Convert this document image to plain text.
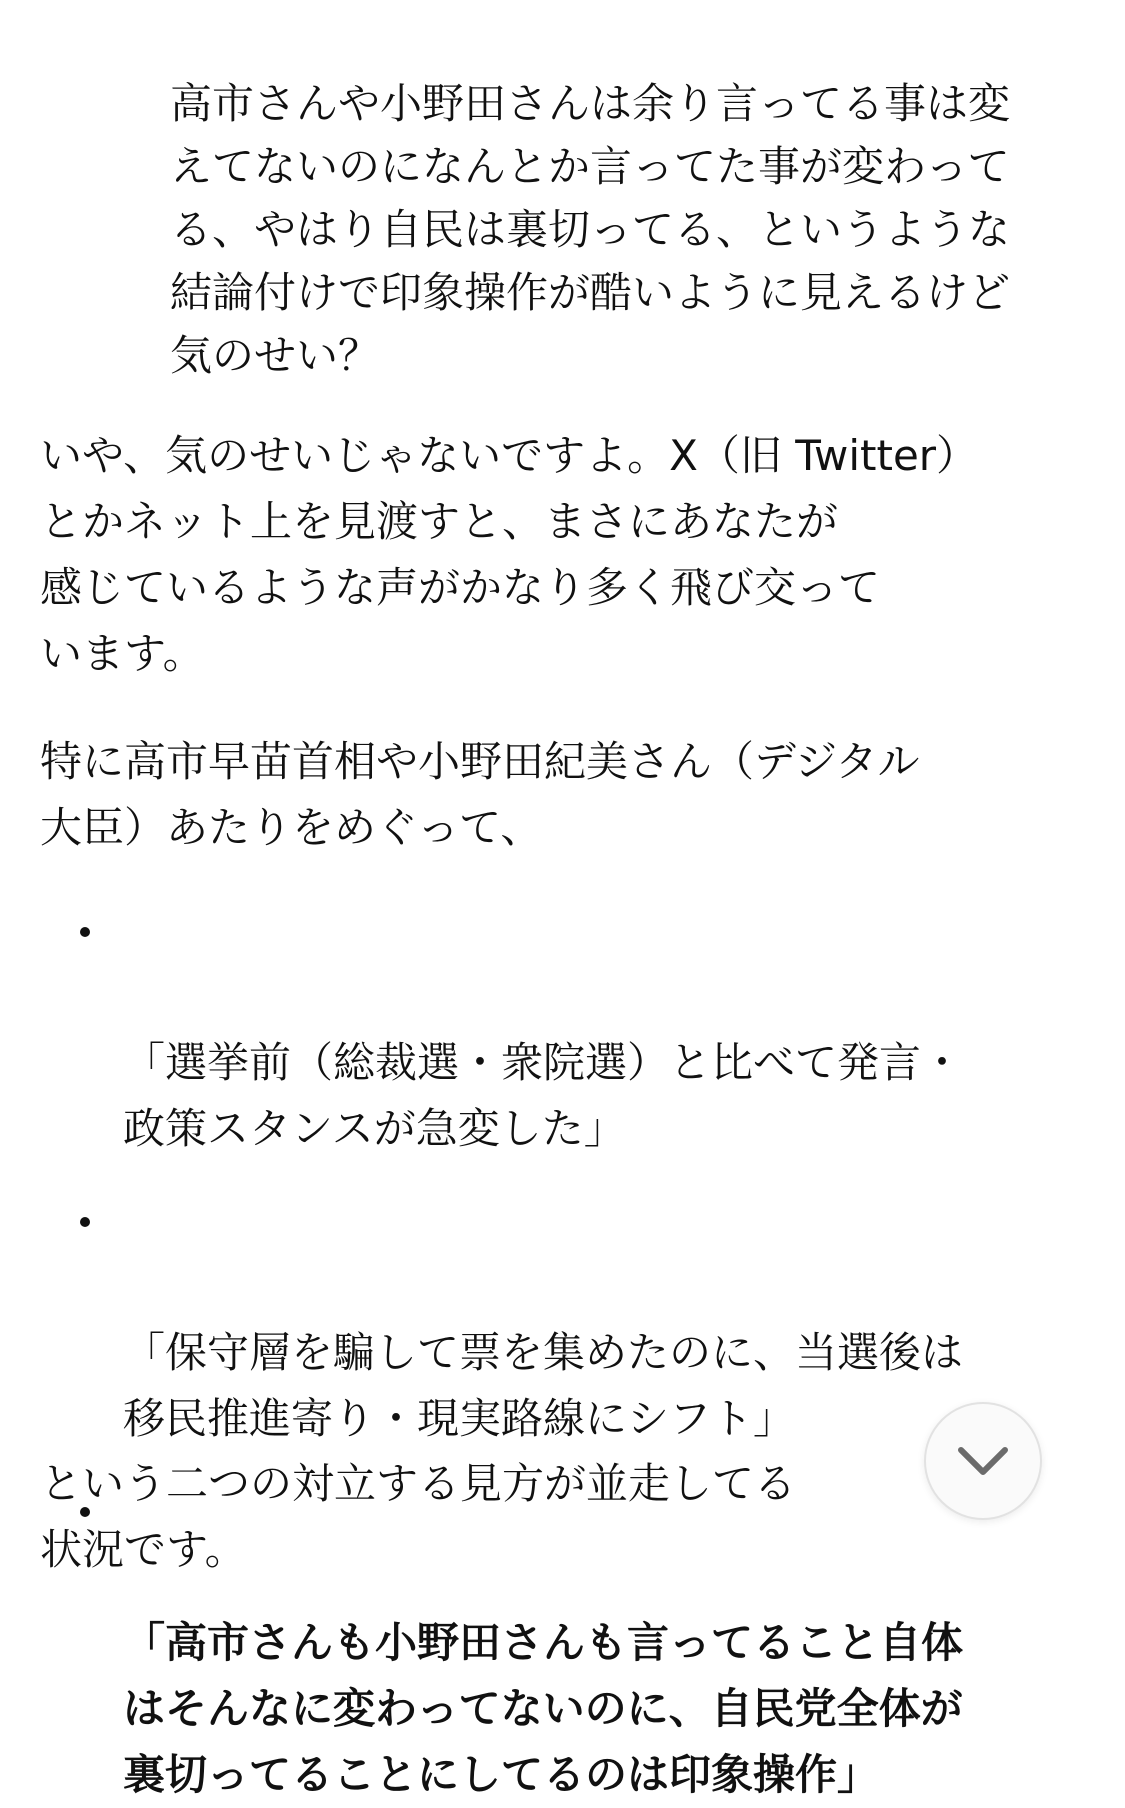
高市さんや小野田さんは余り言ってる事は変
えてないのになんとか言ってた事が変わって
る、やはり自民は裏切ってる、というような
結論付けで印象操作が酷いように見えるけど
気のせい？

いや、気のせいじゃないですよ。X（旧 Twitter）
とかネット上を見渡すと、まさにあなたが
感じているような声がかなり多く飛び交って
います。

特に高市早苗首相や小野田紀美さん（デジタル
大臣）あたりをめぐって、

「選挙前（総裁選・衆院選）と比べて発言・
政策スタンスが急変した」

「保守層を騙して票を集めたのに、当選後は
移民推進寄り・現実路線にシフト」

「高市さんも小野田さんも言ってること自体
はそんなに変わってないのに、自民党全体が
裏切ってることにしてるのは印象操作」

という二つの対立する見方が並走してる
状況です。
